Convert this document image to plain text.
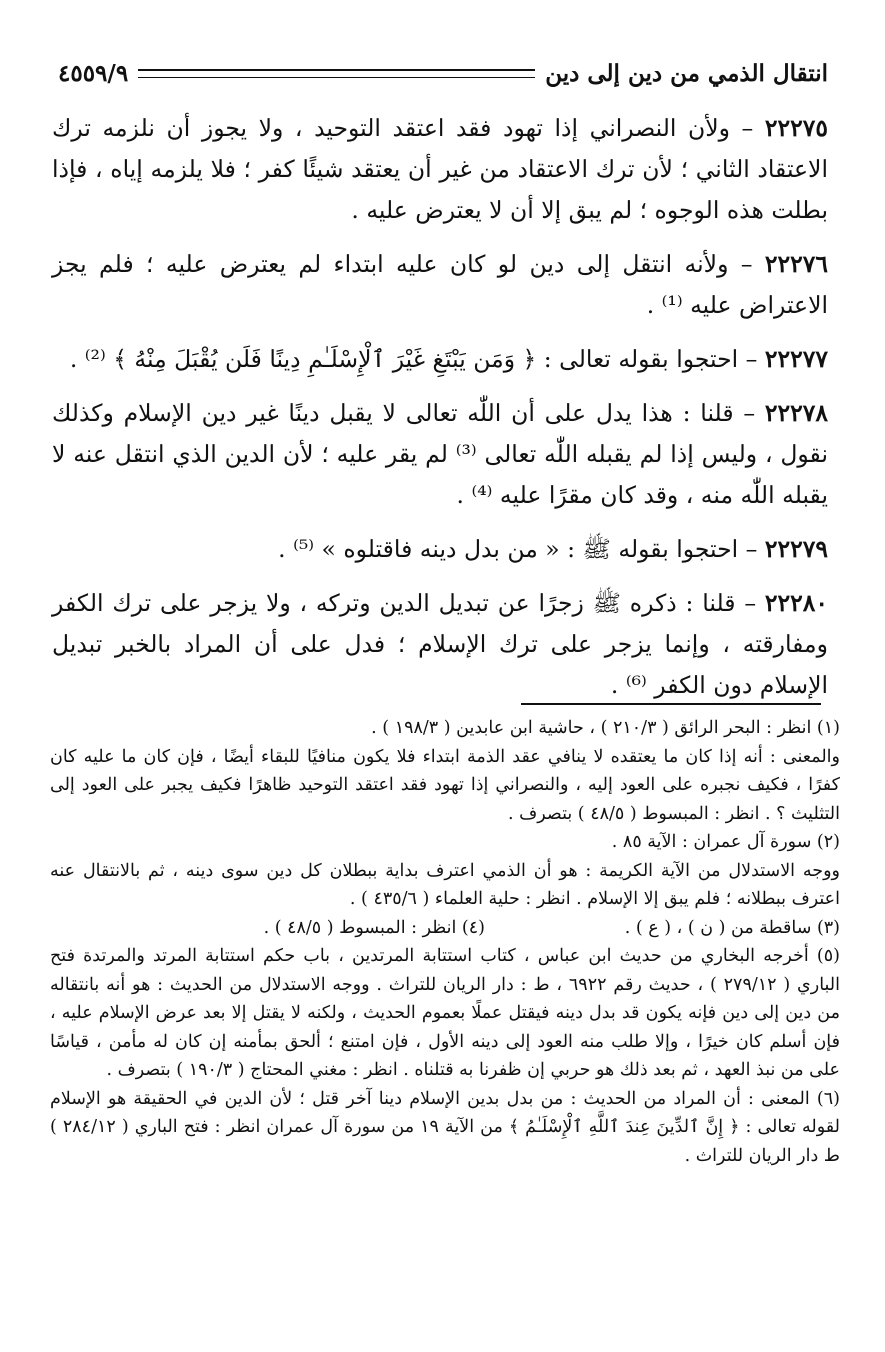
انتقال الذمي من دين إلى دين
٤٥٥٩/٩

٢٢٢٧٥ – ولأن النصراني إذا تهود فقد اعتقد التوحيد ، ولا يجوز أن نلزمه ترك الاعتقاد الثاني ؛ لأن ترك الاعتقاد من غير أن يعتقد شيئًا كفر ؛ فلا يلزمه إياه ، فإذا بطلت هذه الوجوه ؛ لم يبق إلا أن لا يعترض عليه .

٢٢٢٧٦ – ولأنه انتقل إلى دين لو كان عليه ابتداء لم يعترض عليه ؛ فلم يجز الاعتراض عليه ⁽¹⁾ .

٢٢٢٧٧ – احتجوا بقوله تعالى : ﴿ وَمَن يَبْتَغِ غَيْرَ ٱلْإِسْلَـٰمِ دِينًا فَلَن يُقْبَلَ مِنْهُ ﴾ ⁽²⁾ .

٢٢٢٧٨ – قلنا : هذا يدل على أن اللّٰه تعالى لا يقبل دينًا غير دين الإسلام وكذلك نقول ، وليس إذا لم يقبله اللّٰه تعالى ⁽³⁾ لم يقر عليه ؛ لأن الدين الذي انتقل عنه لا يقبله اللّٰه منه ، وقد كان مقرًا عليه ⁽⁴⁾ .

٢٢٢٧٩ – احتجوا بقوله ﷺ : « من بدل دينه فاقتلوه » ⁽⁵⁾ .

٢٢٢٨٠ – قلنا : ذكره ﷺ زجرًا عن تبديل الدين وتركه ، ولا يزجر على ترك الكفر ومفارقته ، وإنما يزجر على ترك الإسلام ؛ فدل على أن المراد بالخبر تبديل الإسلام دون الكفر ⁽⁶⁾ .

(١) انظر : البحر الرائق ( ٢١٠/٣ ) ، حاشية ابن عابدين ( ١٩٨/٣ ) .

والمعنى : أنه إذا كان ما يعتقده لا ينافي عقد الذمة ابتداء فلا يكون منافيًا للبقاء أيضًا ، فإن كان ما عليه كان كفرًا ، فكيف نجبره على العود إليه ، والنصراني إذا تهود فقد اعتقد التوحيد ظاهرًا فكيف يجبر على العود إلى التثليث ؟ . انظر : المبسوط ( ٤٨/٥ ) بتصرف .

(٢) سورة آل عمران : الآية ٨٥ .

ووجه الاستدلال من الآية الكريمة : هو أن الذمي اعترف بداية ببطلان كل دين سوى دينه ، ثم بالانتقال عنه اعترف ببطلانه ؛ فلم يبق إلا الإسلام . انظر : حلية العلماء ( ٤٣٥/٦ ) .

(٣) ساقطة من ( ن ) ، ( ع ) .
(٤) انظر : المبسوط ( ٤٨/٥ ) .

(٥) أخرجه البخاري من حديث ابن عباس ، كتاب استتابة المرتدين ، باب حكم استتابة المرتد والمرتدة فتح الباري ( ٢٧٩/١٢ ) ، حديث رقم ٦٩٢٢ ، ط : دار الريان للتراث . ووجه الاستدلال من الحديث : هو أنه بانتقاله من دين إلى دين فإنه يكون قد بدل دينه فيقتل عملًا بعموم الحديث ، ولكنه لا يقتل إلا بعد عرض الإسلام عليه ، فإن أسلم كان خيرًا ، وإلا طلب منه العود إلى دينه الأول ، فإن امتنع ؛ ألحق بمأمنه إن كان له مأمن ، قياسًا على من نبذ العهد ، ثم بعد ذلك هو حربي إن ظفرنا به قتلناه . انظر : مغني المحتاج ( ١٩٠/٣ ) بتصرف .

(٦) المعنى : أن المراد من الحديث : من بدل بدين الإسلام دينا آخر قتل ؛ لأن الدين في الحقيقة هو الإسلام لقوله تعالى : ﴿ إِنَّ ٱلدِّينَ عِندَ ٱللَّهِ ٱلْإِسْلَـٰمُ ﴾ من الآية ١٩ من سورة آل عمران انظر : فتح الباري ( ٢٨٤/١٢ ) ط دار الريان للتراث .
